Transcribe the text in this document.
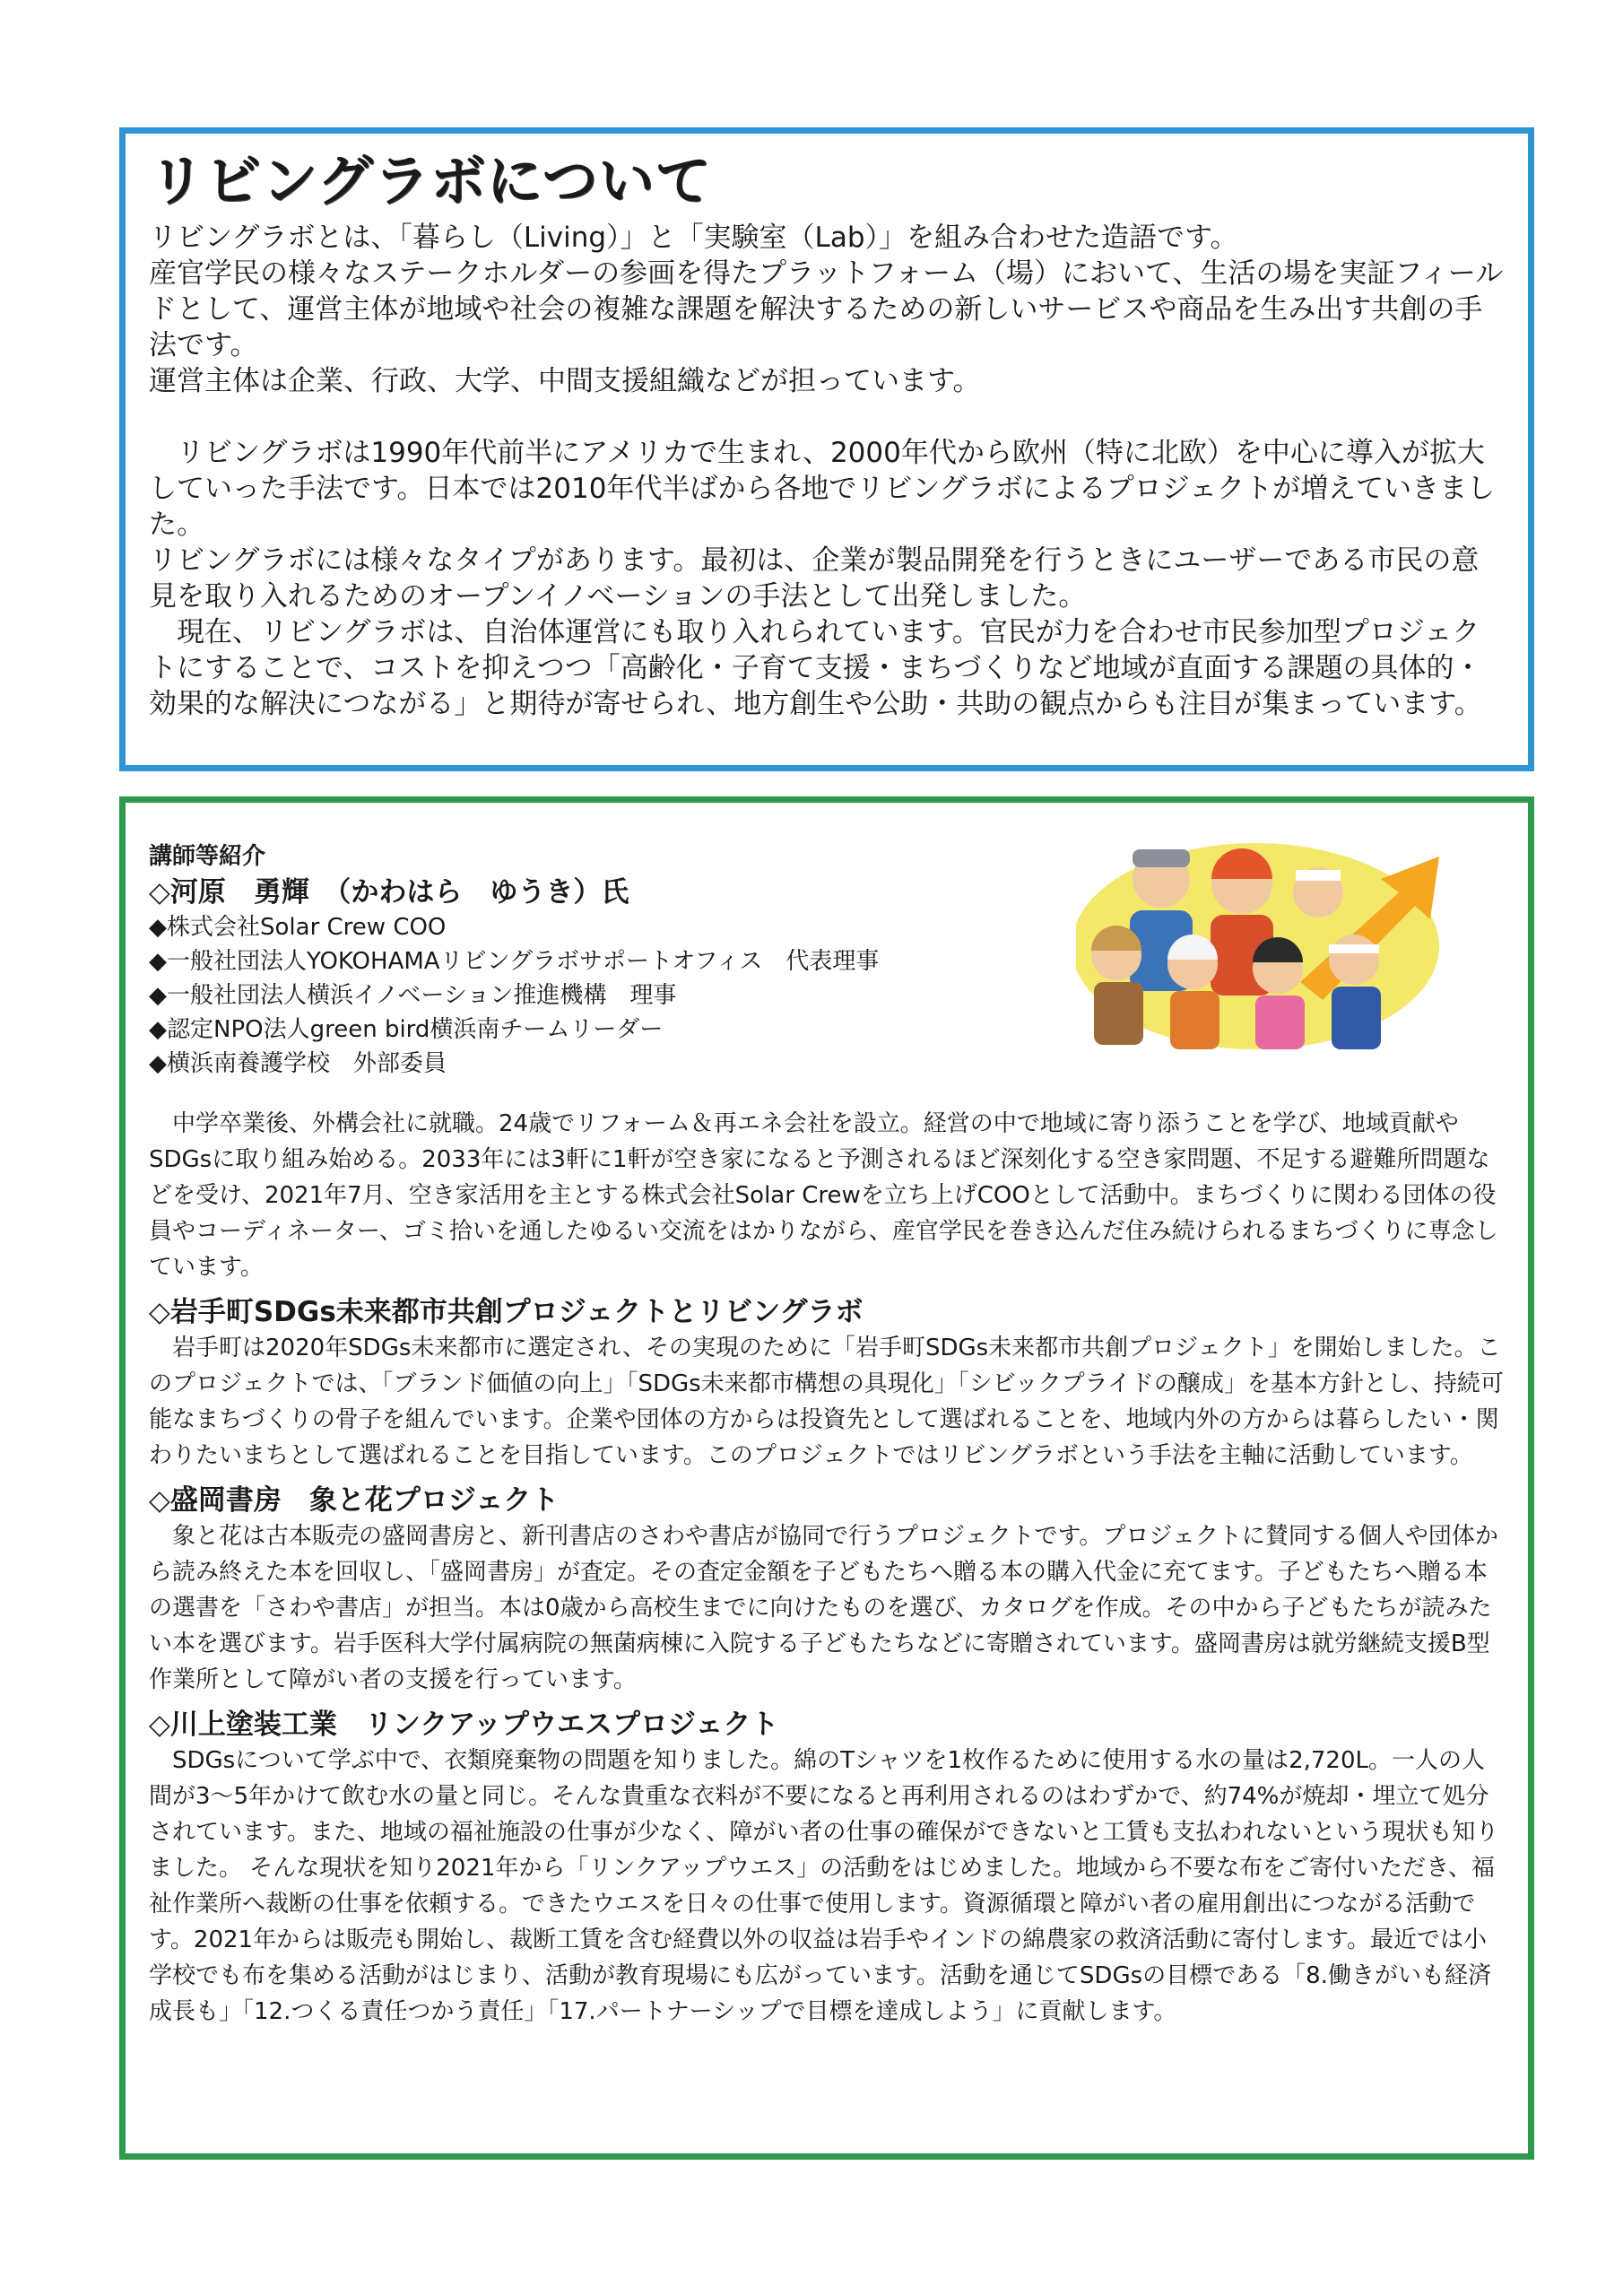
リビングラボについて

リビングラボとは、「暮らし（Living）」と「実験室（Lab）」を組み合わせた造語です。

産官学民の様々なステークホルダーの参画を得たプラットフォーム（場）において、生活の場を実証フィールドとして、運営主体が地域や社会の複雑な課題を解決するための新しいサービスや商品を生み出す共創の手法です。

運営主体は企業、行政、大学、中間支援組織などが担っています。

リビングラボは1990年代前半にアメリカで生まれ、2000年代から欧州（特に北欧）を中心に導入が拡大していった手法です。日本では2010年代半ばから各地でリビングラボによるプロジェクトが増えていきました。

リビングラボには様々なタイプがあります。最初は、企業が製品開発を行うときにユーザーである市民の意見を取り入れるためのオープンイノベーションの手法として出発しました。

現在、リビングラボは、自治体運営にも取り入れられています。官民が力を合わせ市民参加型プロジェクトにすることで、コストを抑えつつ「高齢化・子育て支援・まちづくりなど地域が直面する課題の具体的・効果的な解決につながる」と期待が寄せられ、地方創生や公助・共助の観点からも注目が集まっています。

講師等紹介

◇河原　勇輝　（かわはら　ゆうき）氏

◆株式会社Solar Crew COO
◆一般社団法人YOKOHAMAリビングラボサポートオフィス　代表理事
◆一般社団法人横浜イノベーション推進機構　理事
◆認定NPO法人green bird横浜南チームリーダー
◆横浜南養護学校　外部委員

中学卒業後、外構会社に就職。24歳でリフォーム＆再エネ会社を設立。経営の中で地域に寄り添うことを学び、地域貢献やSDGsに取り組み始める。2033年には3軒に1軒が空き家になると予測されるほど深刻化する空き家問題、不足する避難所問題などを受け、2021年7月、空き家活用を主とする株式会社Solar Crewを立ち上げCOOとして活動中。まちづくりに関わる団体の役員やコーディネーター、ゴミ拾いを通したゆるい交流をはかりながら、産官学民を巻き込んだ住み続けられるまちづくりに専念しています。

◇岩手町SDGs未来都市共創プロジェクトとリビングラボ

岩手町は2020年SDGs未来都市に選定され、その実現のために「岩手町SDGs未来都市共創プロジェクト」を開始しました。このプロジェクトでは、「ブランド価値の向上」「SDGs未来都市構想の具現化」「シビックプライドの醸成」を基本方針とし、持続可能なまちづくりの骨子を組んでいます。企業や団体の方からは投資先として選ばれることを、地域内外の方からは暮らしたい・関わりたいまちとして選ばれることを目指しています。このプロジェクトではリビングラボという手法を主軸に活動しています。

◇盛岡書房　象と花プロジェクト

象と花は古本販売の盛岡書房と、新刊書店のさわや書店が協同で行うプロジェクトです。プロジェクトに賛同する個人や団体から読み終えた本を回収し、「盛岡書房」が査定。その査定金額を子どもたちへ贈る本の購入代金に充てます。子どもたちへ贈る本の選書を「さわや書店」が担当。本は0歳から高校生までに向けたものを選び、カタログを作成。その中から子どもたちが読みたい本を選びます。岩手医科大学付属病院の無菌病棟に入院する子どもたちなどに寄贈されています。盛岡書房は就労継続支援B型作業所として障がい者の支援を行っています。

◇川上塗装工業　リンクアップウエスプロジェクト

SDGsについて学ぶ中で、衣類廃棄物の問題を知りました。綿のTシャツを1枚作るために使用する水の量は2,720L。一人の人間が3～5年かけて飲む水の量と同じ。そんな貴重な衣料が不要になると再利用されるのはわずかで、約74%が焼却・埋立て処分されています。また、地域の福祉施設の仕事が少なく、障がい者の仕事の確保ができないと工賃も支払われないという現状も知りました。 そんな現状を知り2021年から「リンクアップウエス」の活動をはじめました。地域から不要な布をご寄付いただき、福祉作業所へ裁断の仕事を依頼する。できたウエスを日々の仕事で使用します。資源循環と障がい者の雇用創出につながる活動です。2021年からは販売も開始し、裁断工賃を含む経費以外の収益は岩手やインドの綿農家の救済活動に寄付します。最近では小学校でも布を集める活動がはじまり、活動が教育現場にも広がっています。活動を通じてSDGsの目標である「8.働きがいも経済成長も」「12.つくる責任つかう責任」「17.パートナーシップで目標を達成しよう」に貢献します。
